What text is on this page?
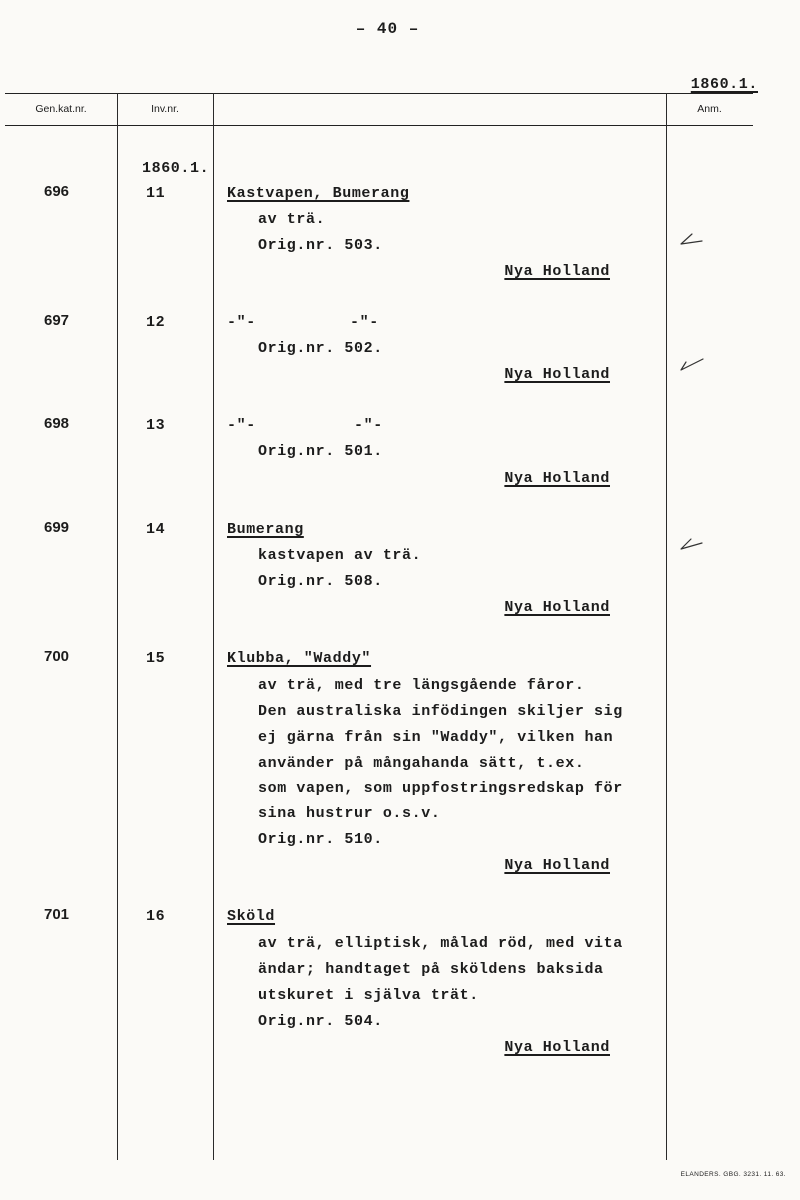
– 40 –
1860.1.
Gen.kat.nr.	Inv.nr.	Anm.
1860.1.
696	11	Kastvapen, Bumerang
av trä.
Orig.nr. 503.
Nya Holland
697	12	-"-	-"-
Orig.nr. 502.
Nya Holland
698	13	-"-	-"-
Orig.nr. 501.
Nya Holland
699	14	Bumerang
kastvapen av trä.
Orig.nr. 508.
Nya Holland
700	15	Klubba, "Waddy"
av trä, med tre längsgående fåror.
Den australiska infödingen skiljer sig
ej gärna från sin "Waddy", vilken han
använder på mångahanda sätt, t.ex.
som vapen, som uppfostringsredskap för
sina hustrur o.s.v.
Orig.nr. 510.
Nya Holland
701	16	Sköld
av trä, elliptisk, målad röd, med vita
ändar; handtaget på sköldens baksida
utskuret i själva trät.
Orig.nr. 504.
Nya Holland
ELANDERS. GBG. 3231. 11. 63.
